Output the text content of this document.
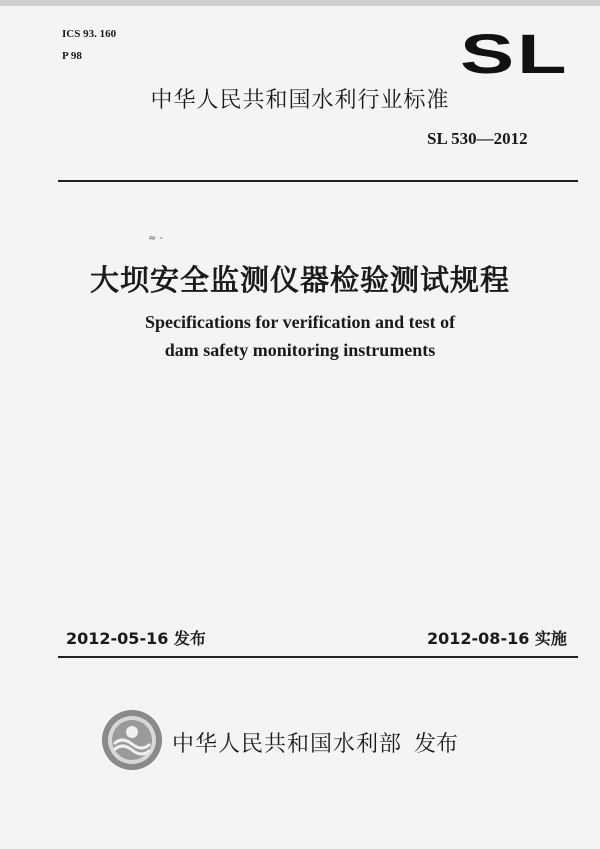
ICS 93. 160
P 98	SL
中华人民共和国水利行业标准
SL 530—2012
≈ -
大坝安全监测仪器检验测试规程
Specifications for verification and test of
dam safety monitoring instruments
2012-05-16 发布	2012-08-16 实施
中华人民共和国水利部 发布
